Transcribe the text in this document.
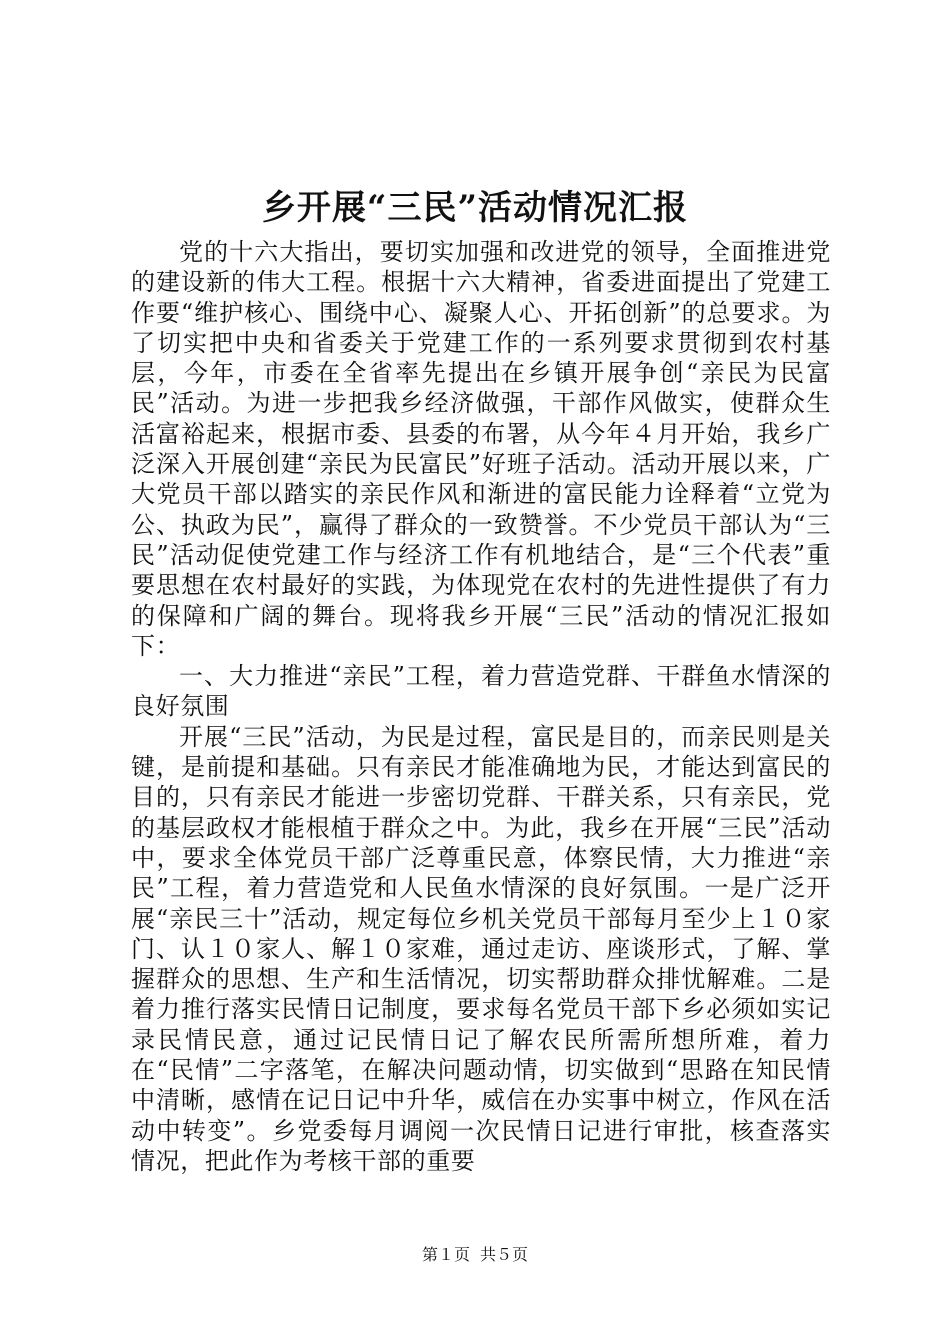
乡开展“三民”活动情况汇报

党的十六大指出，要切实加强和改进党的领导，全面推进党的建设新的伟大工程。根据十六大精神，省委进面提出了党建工作要“维护核心、围绕中心、凝聚人心、开拓创新”的总要求。为了切实把中央和省委关于党建工作的一系列要求贯彻到农村基层，今年，市委在全省率先提出在乡镇开展争创“亲民为民富民”活动。为进一步把我乡经济做强，干部作风做实，使群众生活富裕起来，根据市委、县委的布署，从今年４月开始，我乡广泛深入开展创建“亲民为民富民”好班子活动。活动开展以来，广大党员干部以踏实的亲民作风和渐进的富民能力诠释着“立党为公、执政为民”，赢得了群众的一致赞誉。不少党员干部认为“三民”活动促使党建工作与经济工作有机地结合，是“三个代表”重要思想在农村最好的实践，为体现党在农村的先进性提供了有力的保障和广阔的舞台。现将我乡开展“三民”活动的情况汇报如下：

一、大力推进“亲民”工程，着力营造党群、干群鱼水情深的良好氛围

开展“三民”活动，为民是过程，富民是目的，而亲民则是关键，是前提和基础。只有亲民才能准确地为民，才能达到富民的目的，只有亲民才能进一步密切党群、干群关系，只有亲民，党的基层政权才能根植于群众之中。为此，我乡在开展“三民”活动中，要求全体党员干部广泛尊重民意，体察民情，大力推进“亲民”工程，着力营造党和人民鱼水情深的良好氛围。一是广泛开展“亲民三十”活动，规定每位乡机关党员干部每月至少上１０家门、认１０家人、解１０家难，通过走访、座谈形式，了解、掌握群众的思想、生产和生活情况，切实帮助群众排忧解难。二是着力推行落实民情日记制度，要求每名党员干部下乡必须如实记录民情民意，通过记民情日记了解农民所需所想所难，着力在“民情”二字落笔，在解决问题动情，切实做到“思路在知民情中清晰，感情在记日记中升华，威信在办实事中树立，作风在活动中转变”。乡党委每月调阅一次民情日记进行审批，核查落实情况，把此作为考核干部的重要

第１页 共５页
